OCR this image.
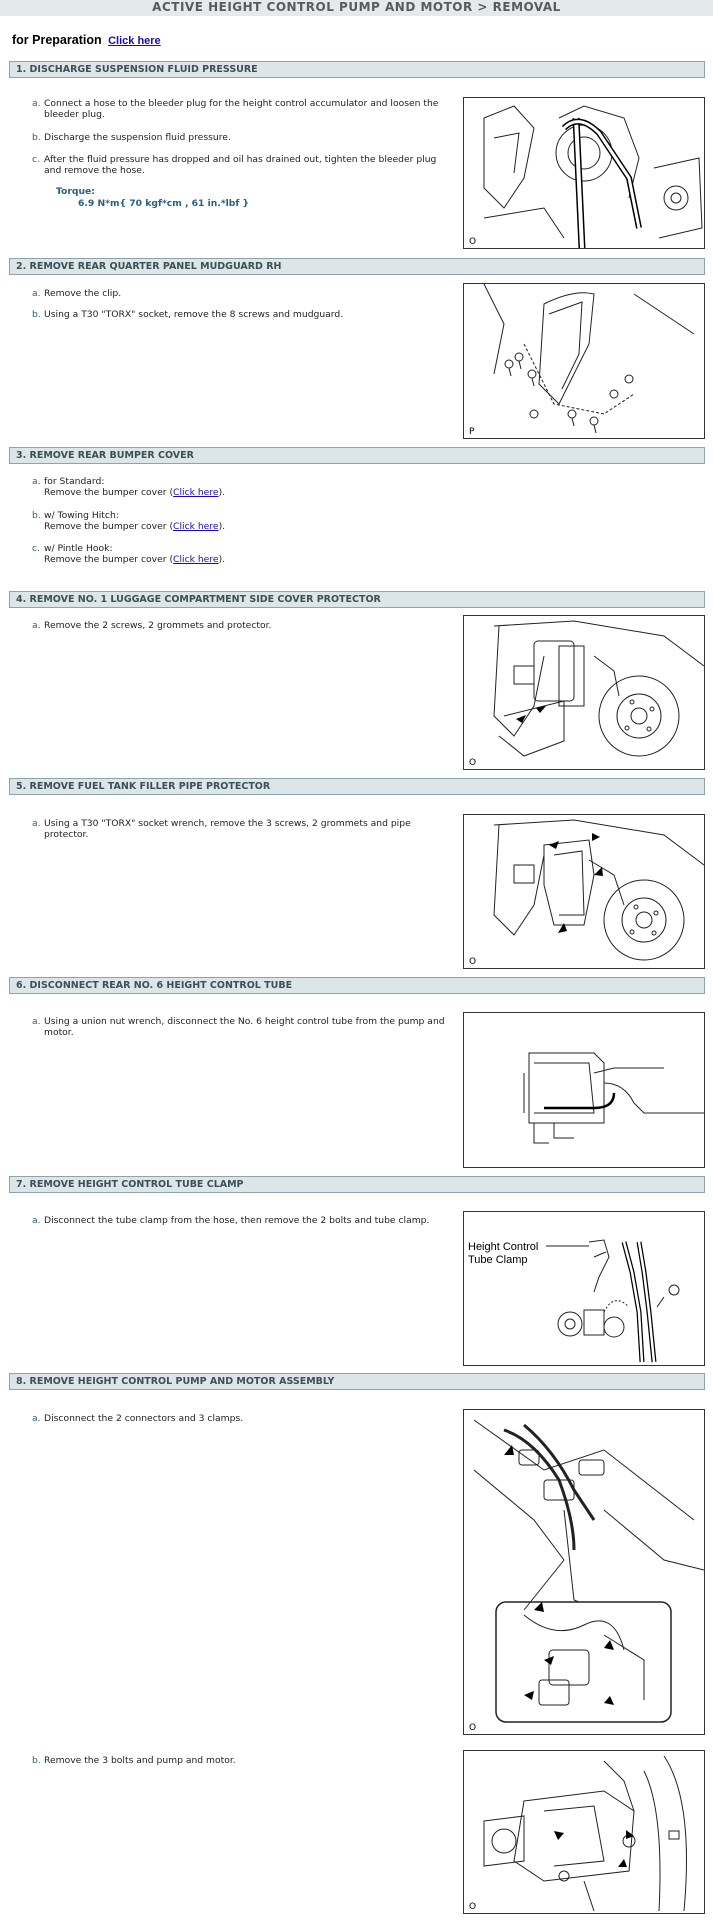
ACTIVE HEIGHT CONTROL PUMP AND MOTOR > REMOVAL
for Preparation Click here
1. DISCHARGE SUSPENSION FLUID PRESSURE
a. Connect a hose to the bleeder plug for the height control accumulator and loosen the bleeder plug.
b. Discharge the suspension fluid pressure.
c. After the fluid pressure has dropped and oil has drained out, tighten the bleeder plug and remove the hose.
Torque:
6.9 N*m{ 70 kgf*cm , 61 in.*lbf }
O
2. REMOVE REAR QUARTER PANEL MUDGUARD RH
a. Remove the clip.
b. Using a T30 "TORX" socket, remove the 8 screws and mudguard.
P
3. REMOVE REAR BUMPER COVER
a. for Standard:
Remove the bumper cover (Click here).
b. w/ Towing Hitch:
Remove the bumper cover (Click here).
c. w/ Pintle Hook:
Remove the bumper cover (Click here).
4. REMOVE NO. 1 LUGGAGE COMPARTMENT SIDE COVER PROTECTOR
a. Remove the 2 screws, 2 grommets and protector.
O
5. REMOVE FUEL TANK FILLER PIPE PROTECTOR
a. Using a T30 "TORX" socket wrench, remove the 3 screws, 2 grommets and pipe protector.
O
6. DISCONNECT REAR NO. 6 HEIGHT CONTROL TUBE
a. Using a union nut wrench, disconnect the No. 6 height control tube from the pump and motor.
7. REMOVE HEIGHT CONTROL TUBE CLAMP
a. Disconnect the tube clamp from the hose, then remove the 2 bolts and tube clamp.
Height Control
Tube Clamp
8. REMOVE HEIGHT CONTROL PUMP AND MOTOR ASSEMBLY
a. Disconnect the 2 connectors and 3 clamps.
O
b. Remove the 3 bolts and pump and motor.
O
